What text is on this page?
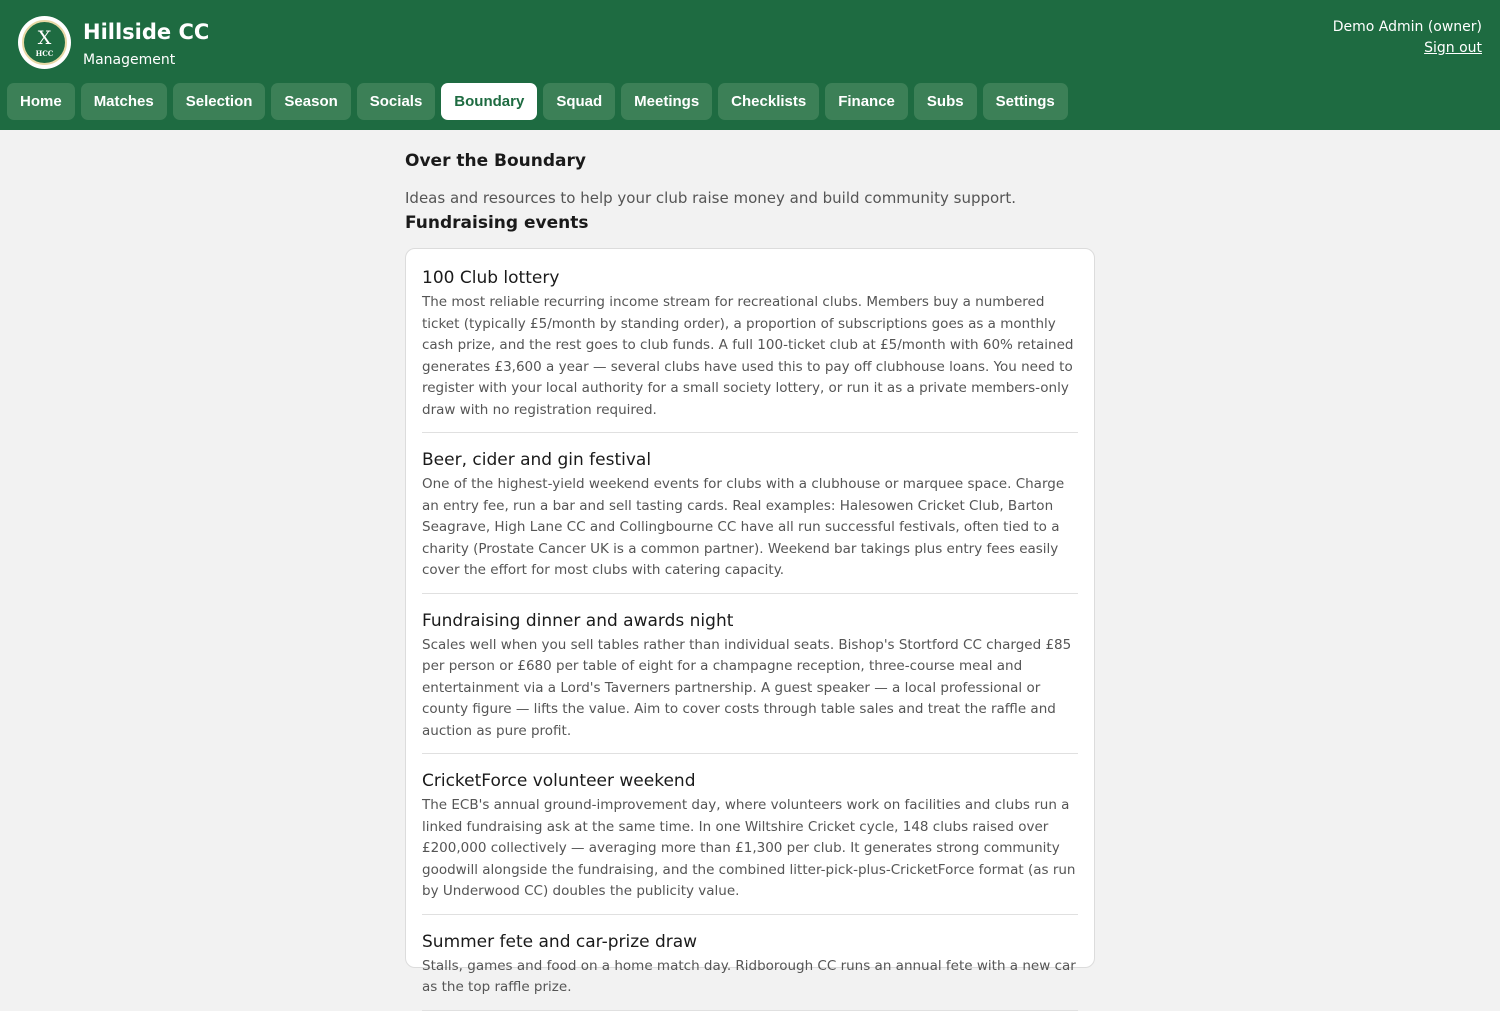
X
HCC
Hillside CC
Management
Demo Admin (owner)
Sign out
Home	Matches	Selection	Season	Socials	Boundary	Squad	Meetings	Checklists	Finance	Subs	Settings
Over the Boundary
Ideas and resources to help your club raise money and build community support.
Fundraising events
100 Club lottery
The most reliable recurring income stream for recreational clubs. Members buy a numbered ticket (typically £5/month by standing order), a proportion of subscriptions goes as a monthly cash prize, and the rest goes to club funds. A full 100-ticket club at £5/month with 60% retained generates £3,600 a year — several clubs have used this to pay off clubhouse loans. You need to register with your local authority for a small society lottery, or run it as a private members-only draw with no registration required.
Beer, cider and gin festival
One of the highest-yield weekend events for clubs with a clubhouse or marquee space. Charge an entry fee, run a bar and sell tasting cards. Real examples: Halesowen Cricket Club, Barton Seagrave, High Lane CC and Collingbourne CC have all run successful festivals, often tied to a charity (Prostate Cancer UK is a common partner). Weekend bar takings plus entry fees easily cover the effort for most clubs with catering capacity.
Fundraising dinner and awards night
Scales well when you sell tables rather than individual seats. Bishop's Stortford CC charged £85 per person or £680 per table of eight for a champagne reception, three-course meal and entertainment via a Lord's Taverners partnership. A guest speaker — a local professional or county figure — lifts the value. Aim to cover costs through table sales and treat the raffle and auction as pure profit.
CricketForce volunteer weekend
The ECB's annual ground-improvement day, where volunteers work on facilities and clubs run a linked fundraising ask at the same time. In one Wiltshire Cricket cycle, 148 clubs raised over £200,000 collectively — averaging more than £1,300 per club. It generates strong community goodwill alongside the fundraising, and the combined litter-pick-plus-CricketForce format (as run by Underwood CC) doubles the publicity value.
Summer fete and car-prize draw
Stalls, games and food on a home match day. Ridborough CC runs an annual fete with a new car as the top raffle prize.
